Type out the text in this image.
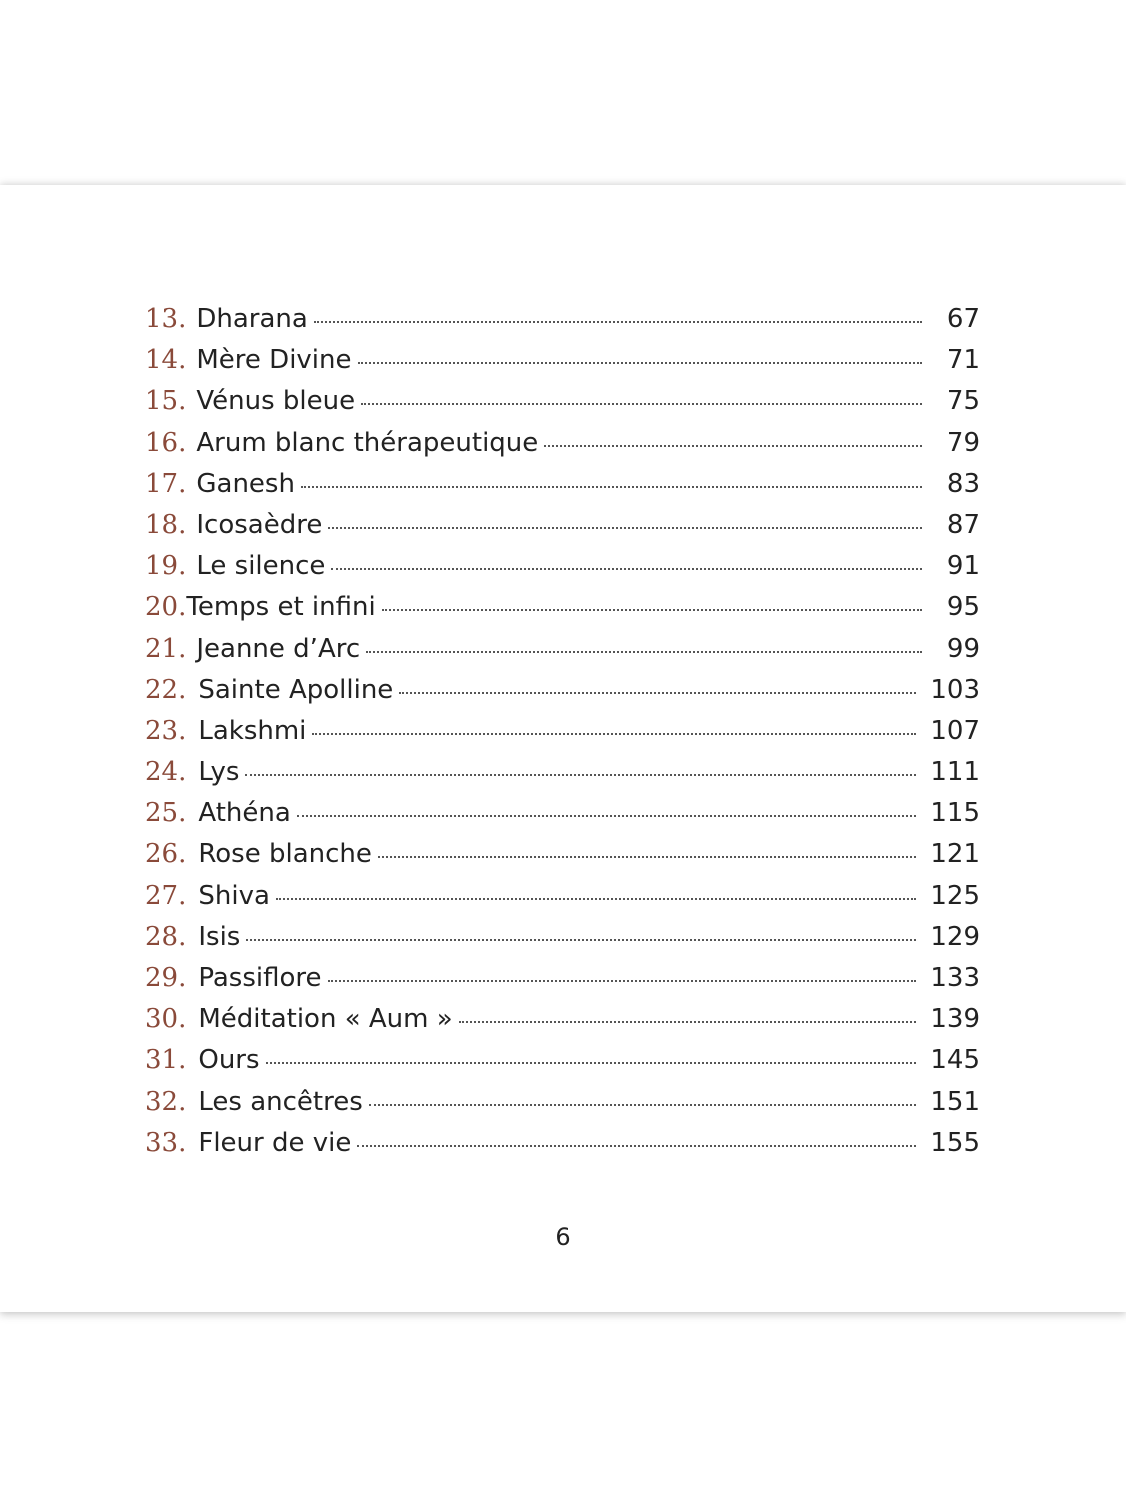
13. Dharana	67
14. Mère Divine	71
15. Vénus bleue	75
16. Arum blanc thérapeutique	79
17. Ganesh	83
18. Icosaèdre	87
19. Le silence	91
20. Temps et infini	95
21. Jeanne d’Arc	99
22. Sainte Apolline	103
23. Lakshmi	107
24. Lys	111
25. Athéna	115
26. Rose blanche	121
27. Shiva	125
28. Isis	129
29. Passiflore	133
30. Méditation « Aum »	139
31. Ours	145
32. Les ancêtres	151
33. Fleur de vie	155
6
